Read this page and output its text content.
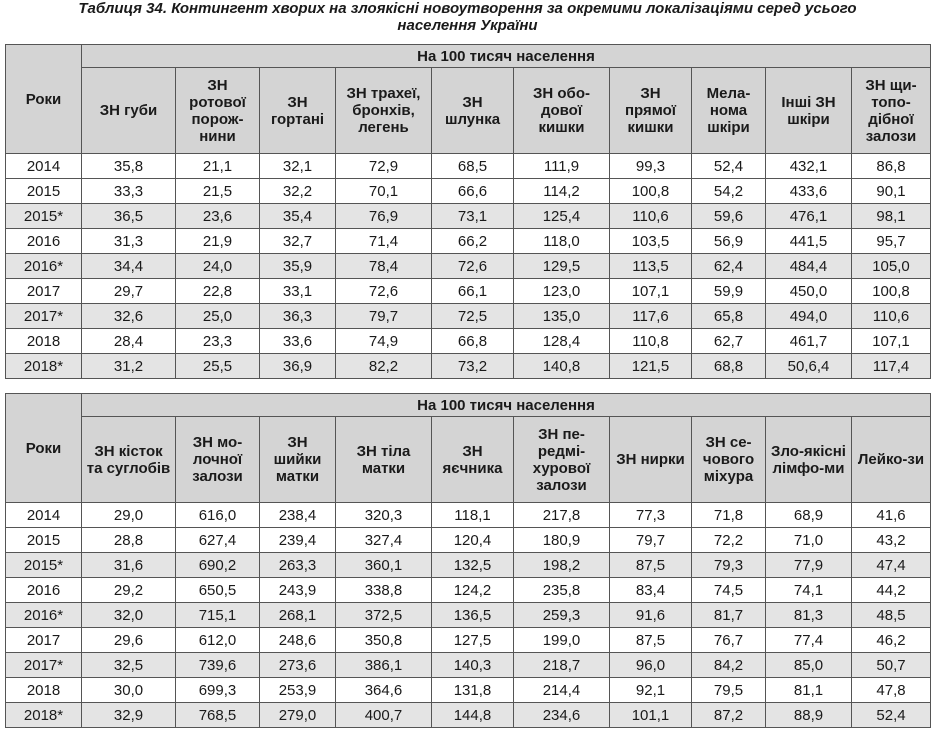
Таблиця 34. Контингент хворих на злоякісні новоутворення за окремими локалізаціями серед усього
населення України
Роки	На 100 тисяч населення									
	ЗН губи	ЗН ротової порож-нини	ЗН гортані	ЗН трахеї, бронхів, легень	ЗН шлунка	ЗН обо-дової кишки	ЗН прямої кишки	Мела-нома шкіри	Інші ЗН шкіри	ЗН щи-топо-дібної залози
2014	35,8	21,1	32,1	72,9	68,5	111,9	99,3	52,4	432,1	86,8
2015	33,3	21,5	32,2	70,1	66,6	114,2	100,8	54,2	433,6	90,1
2015*	36,5	23,6	35,4	76,9	73,1	125,4	110,6	59,6	476,1	98,1
2016	31,3	21,9	32,7	71,4	66,2	118,0	103,5	56,9	441,5	95,7
2016*	34,4	24,0	35,9	78,4	72,6	129,5	113,5	62,4	484,4	105,0
2017	29,7	22,8	33,1	72,6	66,1	123,0	107,1	59,9	450,0	100,8
2017*	32,6	25,0	36,3	79,7	72,5	135,0	117,6	65,8	494,0	110,6
2018	28,4	23,3	33,6	74,9	66,8	128,4	110,8	62,7	461,7	107,1
2018*	31,2	25,5	36,9	82,2	73,2	140,8	121,5	68,8	50,6,4	117,4
Роки	На 100 тисяч населення									
	ЗН кісток та суглобів	ЗН мо-лочної залози	ЗН шийки матки	ЗН тіла матки	ЗН яєчника	ЗН пе-редмі-хурової залози	ЗН нирки	ЗН се-чового міхура	Зло-якісні лімфо-ми	Лейко-зи
2014	29,0	616,0	238,4	320,3	118,1	217,8	77,3	71,8	68,9	41,6
2015	28,8	627,4	239,4	327,4	120,4	180,9	79,7	72,2	71,0	43,2
2015*	31,6	690,2	263,3	360,1	132,5	198,2	87,5	79,3	77,9	47,4
2016	29,2	650,5	243,9	338,8	124,2	235,8	83,4	74,5	74,1	44,2
2016*	32,0	715,1	268,1	372,5	136,5	259,3	91,6	81,7	81,3	48,5
2017	29,6	612,0	248,6	350,8	127,5	199,0	87,5	76,7	77,4	46,2
2017*	32,5	739,6	273,6	386,1	140,3	218,7	96,0	84,2	85,0	50,7
2018	30,0	699,3	253,9	364,6	131,8	214,4	92,1	79,5	81,1	47,8
2018*	32,9	768,5	279,0	400,7	144,8	234,6	101,1	87,2	88,9	52,4
